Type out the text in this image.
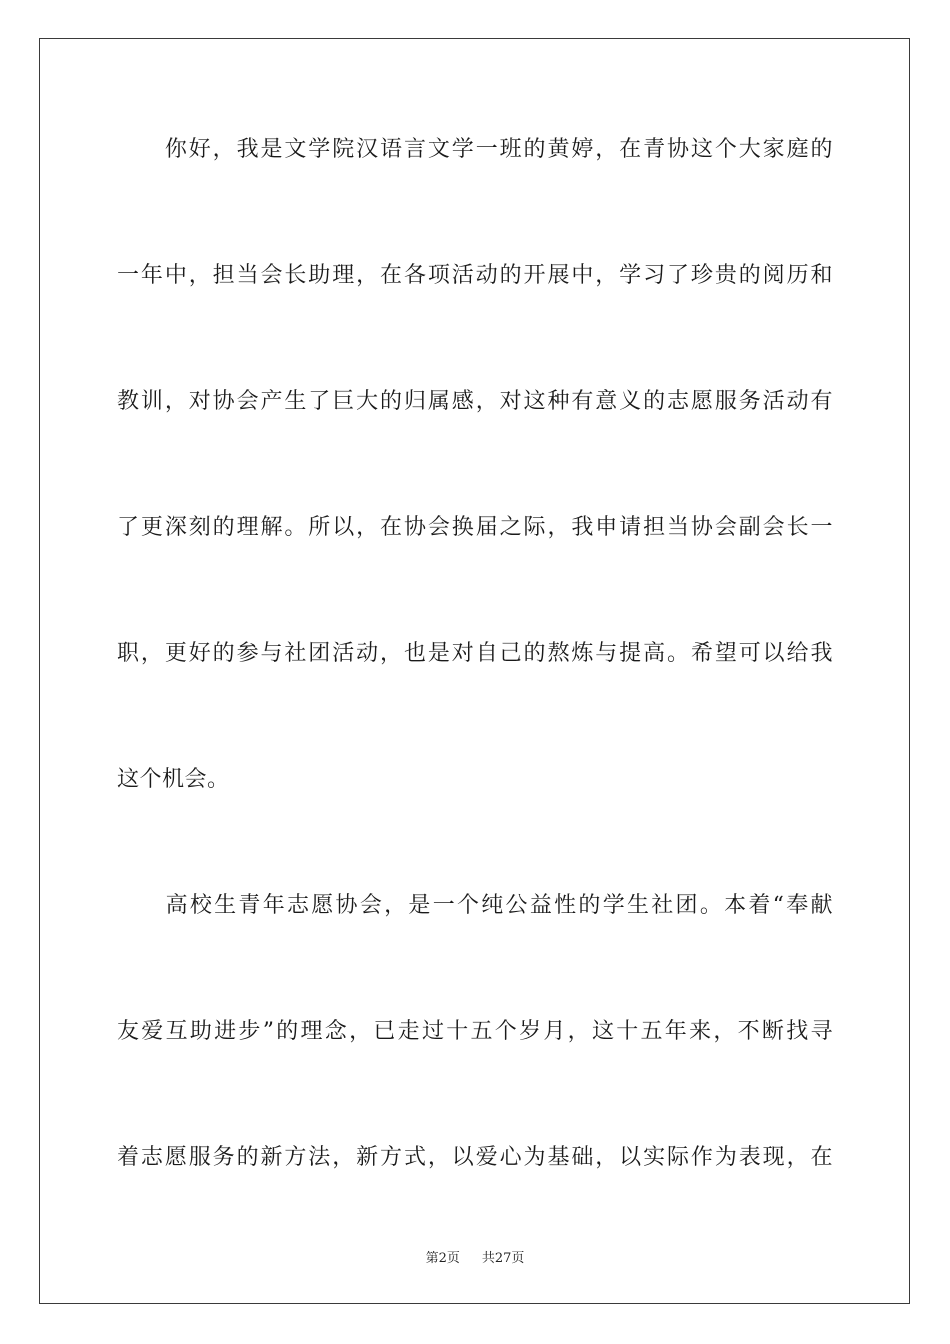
　　你好，我是文学院汉语言文学一班的黄婷，在青协这个大家庭的
一年中，担当会长助理，在各项活动的开展中，学习了珍贵的阅历和
教训，对协会产生了巨大的归属感，对这种有意义的志愿服务活动有
了更深刻的理解。所以，在协会换届之际，我申请担当协会副会长一
职，更好的参与社团活动，也是对自己的熬炼与提高。希望可以给我
这个机会。
　　高校生青年志愿协会，是一个纯公益性的学生社团。本着“奉献
友爱互助进步”的理念，已走过十五个岁月，这十五年来，不断找寻
着志愿服务的新方法，新方式，以爱心为基础，以实际作为表现，在
第2页 共27页
